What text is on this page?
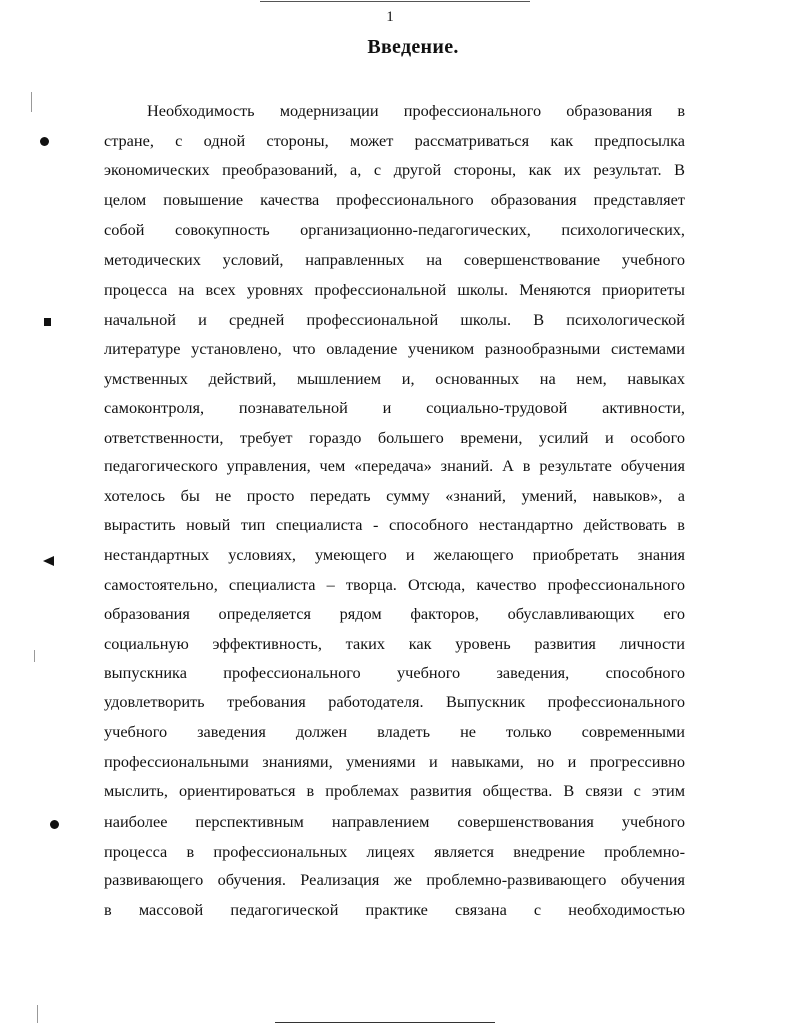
1
Введение.
Необходимость модернизации профессионального образования в
стране, с одной стороны, может рассматриваться как предпосылка
экономических преобразований, а, с другой стороны, как их результат. В
целом повышение качества профессионального образования представляет
собой совокупность организационно-педагогических, психологических,
методических условий, направленных на совершенствование учебного
процесса на всех уровнях профессиональной школы. Меняются приоритеты
начальной и средней профессиональной школы. В психологической
литературе установлено, что овладение учеником разнообразными системами
умственных действий, мышлением и, основанных на нем, навыках
самоконтроля, познавательной и социально-трудовой активности,
ответственности, требует гораздо большего времени, усилий и особого
педагогического управления, чем «передача» знаний. А в результате обучения
хотелось бы не просто передать сумму «знаний, умений, навыков», а
вырастить новый тип специалиста - способного нестандартно действовать в
нестандартных условиях, умеющего и желающего приобретать знания
самостоятельно, специалиста – творца. Отсюда, качество профессионального
образования определяется рядом факторов, обуславливающих его
социальную эффективность, таких как уровень развития личности
выпускника профессионального учебного заведения, способного
удовлетворить требования работодателя. Выпускник профессионального
учебного заведения должен владеть не только современными
профессиональными знаниями, умениями и навыками, но и прогрессивно
мыслить, ориентироваться в проблемах развития общества. В связи с этим
наиболее перспективным направлением совершенствования учебного
процесса в профессиональных лицеях является внедрение проблемно-
развивающего обучения. Реализация же проблемно-развивающего обучения
в массовой педагогической практике связана с необходимостью
